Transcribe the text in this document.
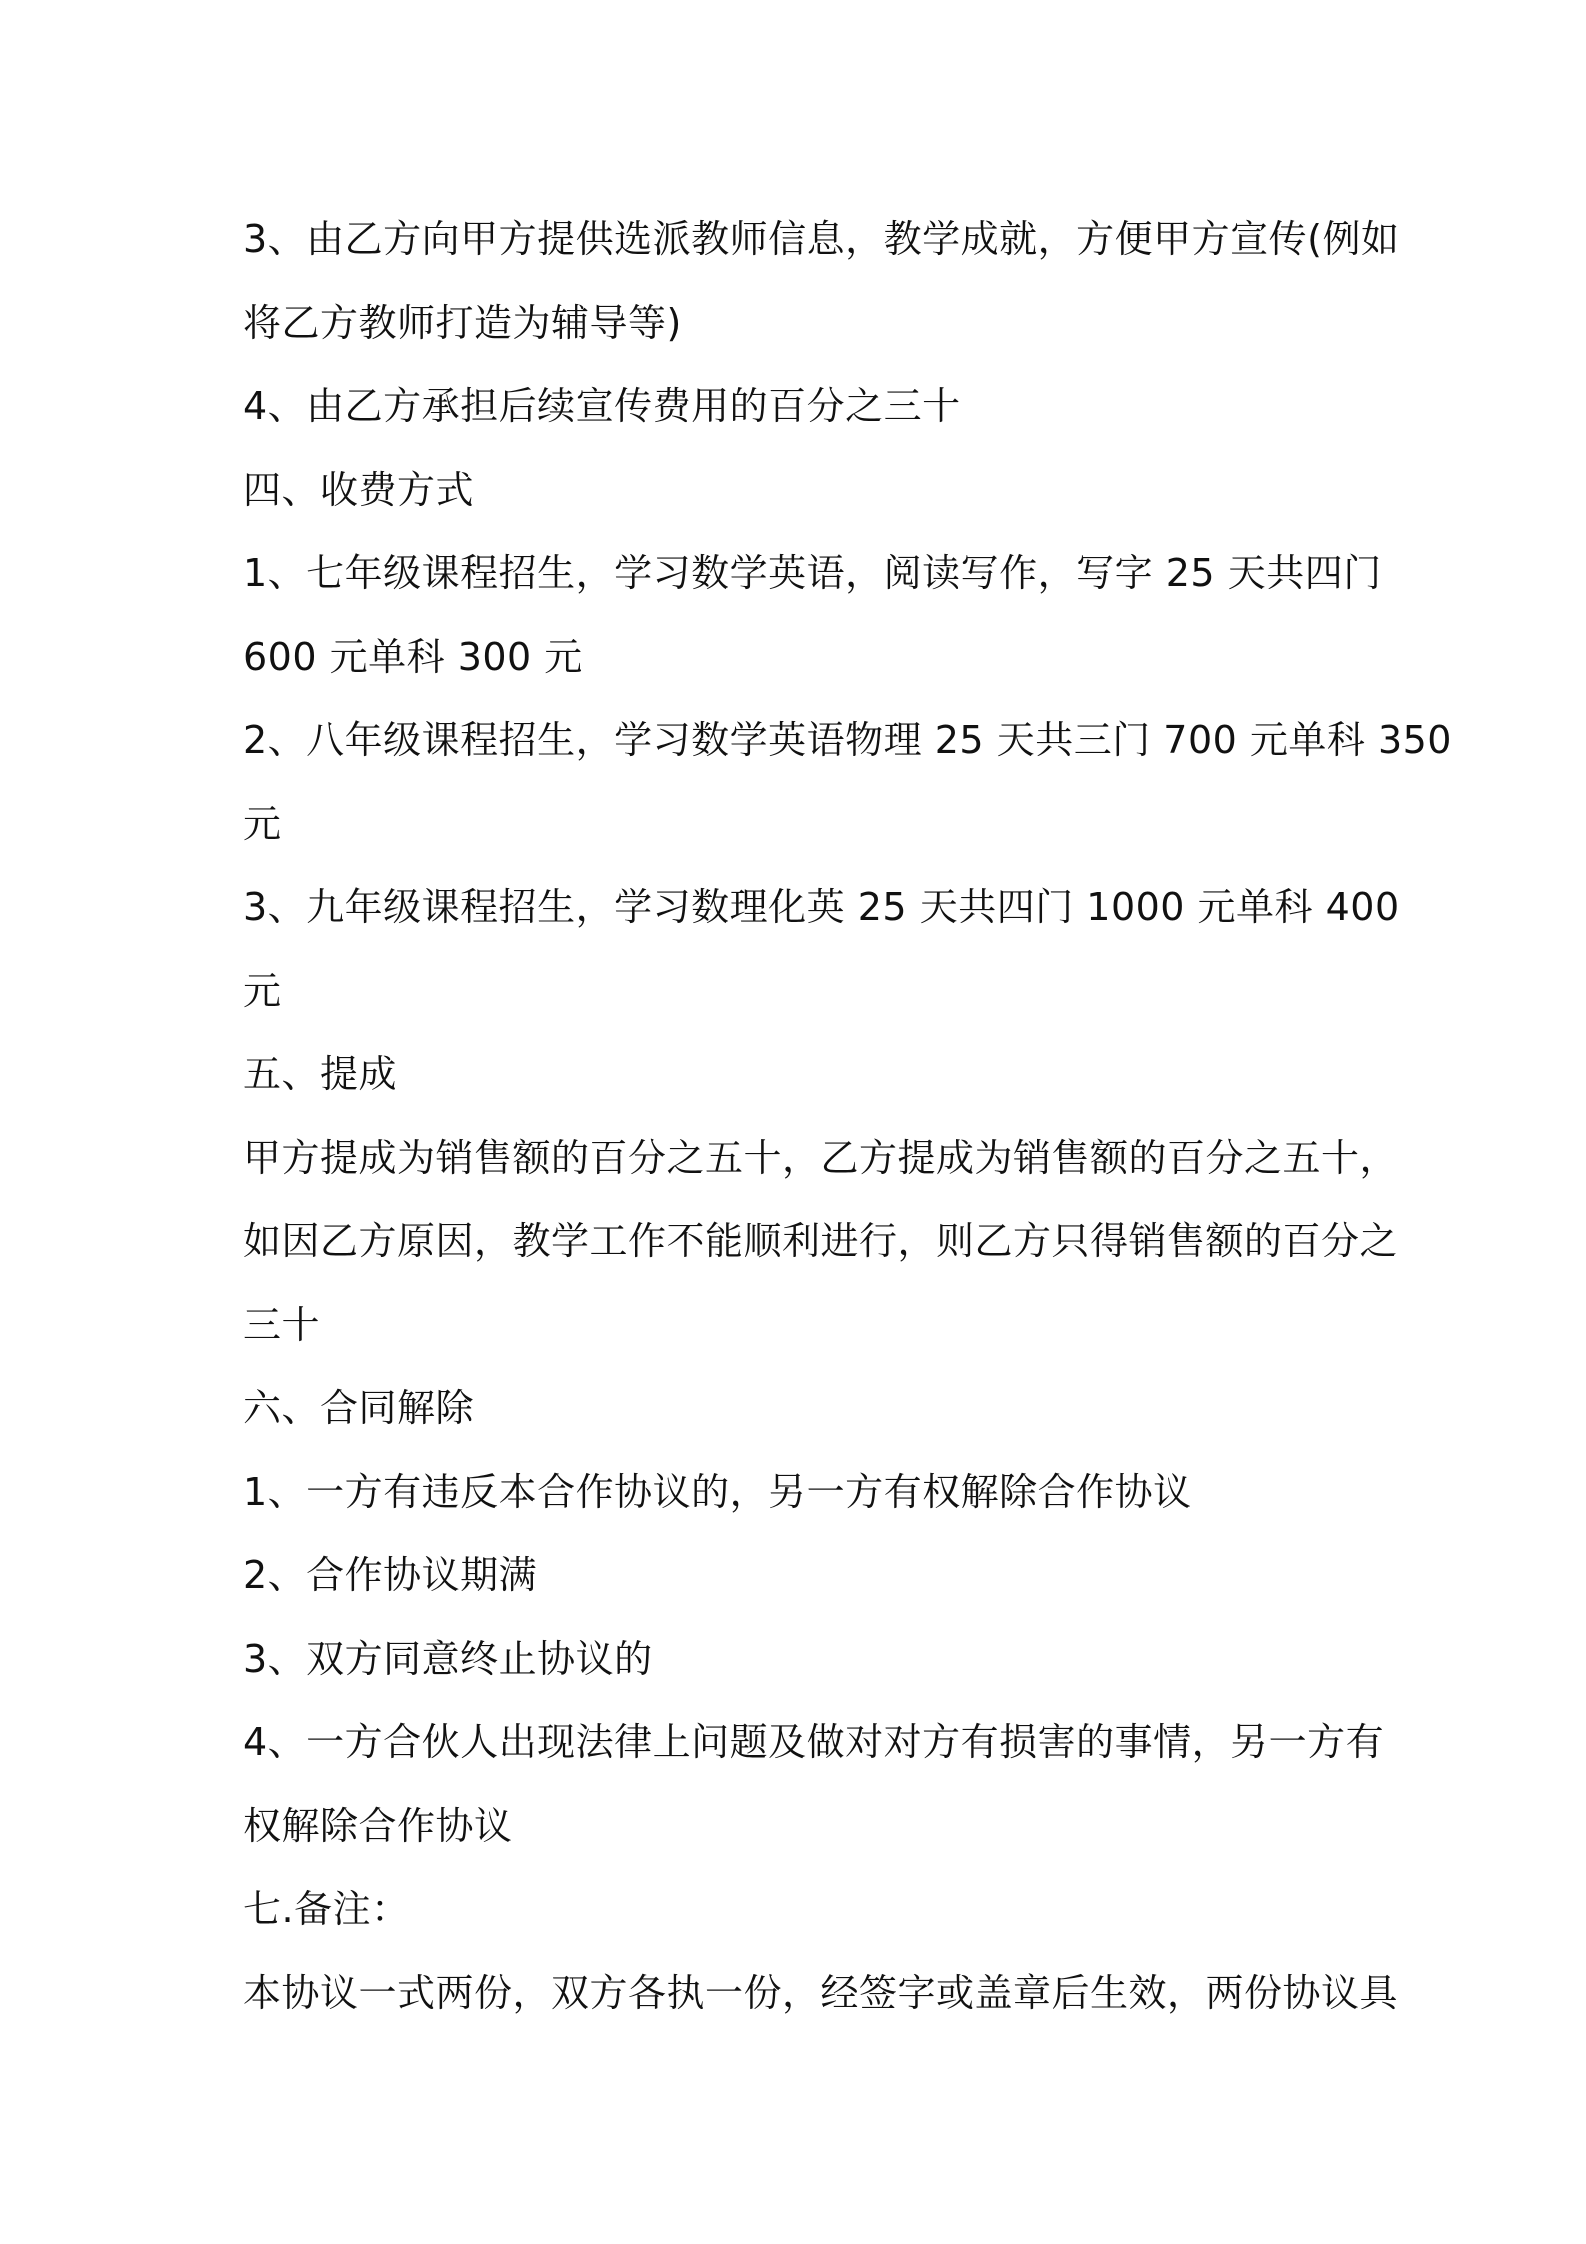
3、由乙方向甲方提供选派教师信息，教学成就，方便甲方宣传(例如
将乙方教师打造为辅导等)
4、由乙方承担后续宣传费用的百分之三十
四、收费方式
1、七年级课程招生，学习数学英语，阅读写作，写字 25 天共四门
600 元单科 300 元
2、八年级课程招生，学习数学英语物理 25 天共三门 700 元单科 350
元
3、九年级课程招生，学习数理化英 25 天共四门 1000 元单科 400
元
五、提成
甲方提成为销售额的百分之五十，乙方提成为销售额的百分之五十，
如因乙方原因，教学工作不能顺利进行，则乙方只得销售额的百分之
三十
六、合同解除
1、一方有违反本合作协议的，另一方有权解除合作协议
2、合作协议期满
3、双方同意终止协议的
4、一方合伙人出现法律上问题及做对对方有损害的事情，另一方有
权解除合作协议
七.备注：
本协议一式两份，双方各执一份，经签字或盖章后生效，两份协议具
